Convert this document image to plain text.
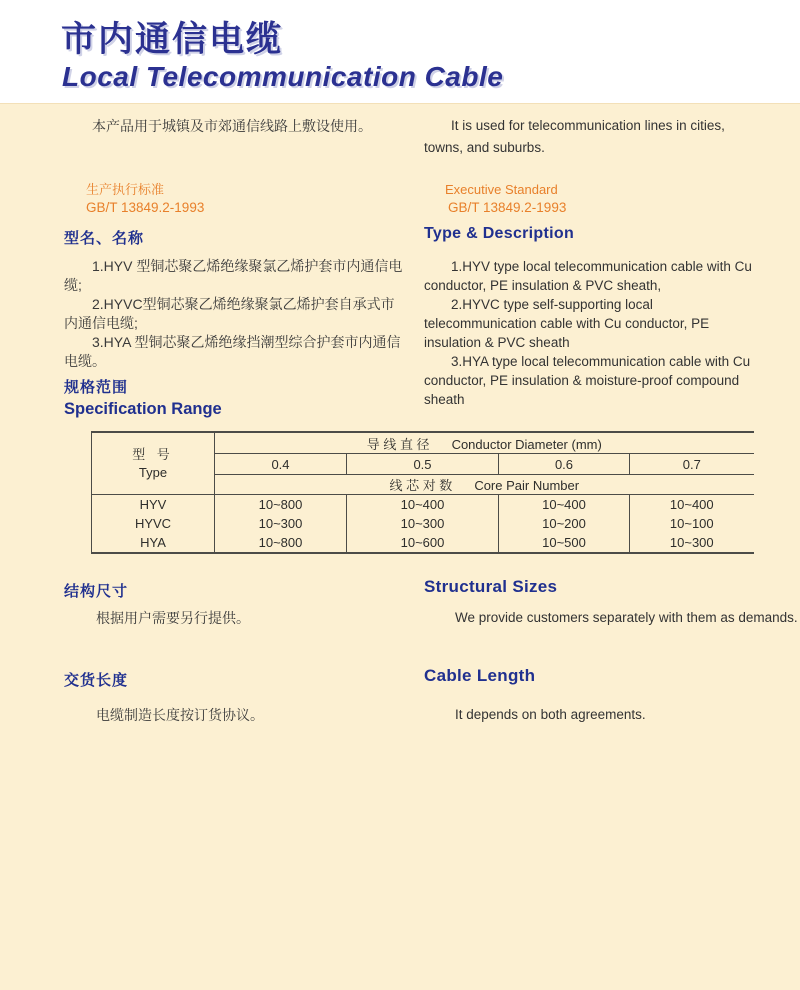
市内通信电缆
Local Telecommunication Cable

本产品用于城镇及市郊通信线路上敷设使用。	It is used for telecommunication lines in cities, towns, and suburbs.

生产执行标准
GB/T 13849.2-1993
Executive Standard
GB/T 13849.2-1993
型名、名称	Type & Description

1.HYV 型铜芯聚乙烯绝缘聚氯乙烯护套市内通信电缆;

2.HYVC型铜芯聚乙烯绝缘聚氯乙烯护套自承式市内通信电缆;

3.HYA 型铜芯聚乙烯绝缘挡潮型综合护套市内通信电缆。

1.HYV type local telecommunication cable with Cu conductor, PE insulation & PVC sheath,

2.HYVC type self-supporting local telecommunication cable with Cu conductor, PE insulation & PVC sheath

3.HYA type local telecommunication cable with Cu conductor, PE insulation & moisture-proof compound sheath

规格范围
Specification Range
型 号
Type	导 线 直 径 Conductor Diameter (mm)			
	0.4	0.5	0.6	0.7
	线 芯 对 数 Core Pair Number			
HYV	10~800	10~400	10~400	10~400
HYVC	10~300	10~300	10~200	10~100
HYA	10~800	10~600	10~500	10~300
结构尺寸	Structural Sizes

根据用户需要另行提供。	We provide customers separately with them as demands.

交货长度	Cable Length

电缆制造长度按订货协议。	It depends on both agreements.
